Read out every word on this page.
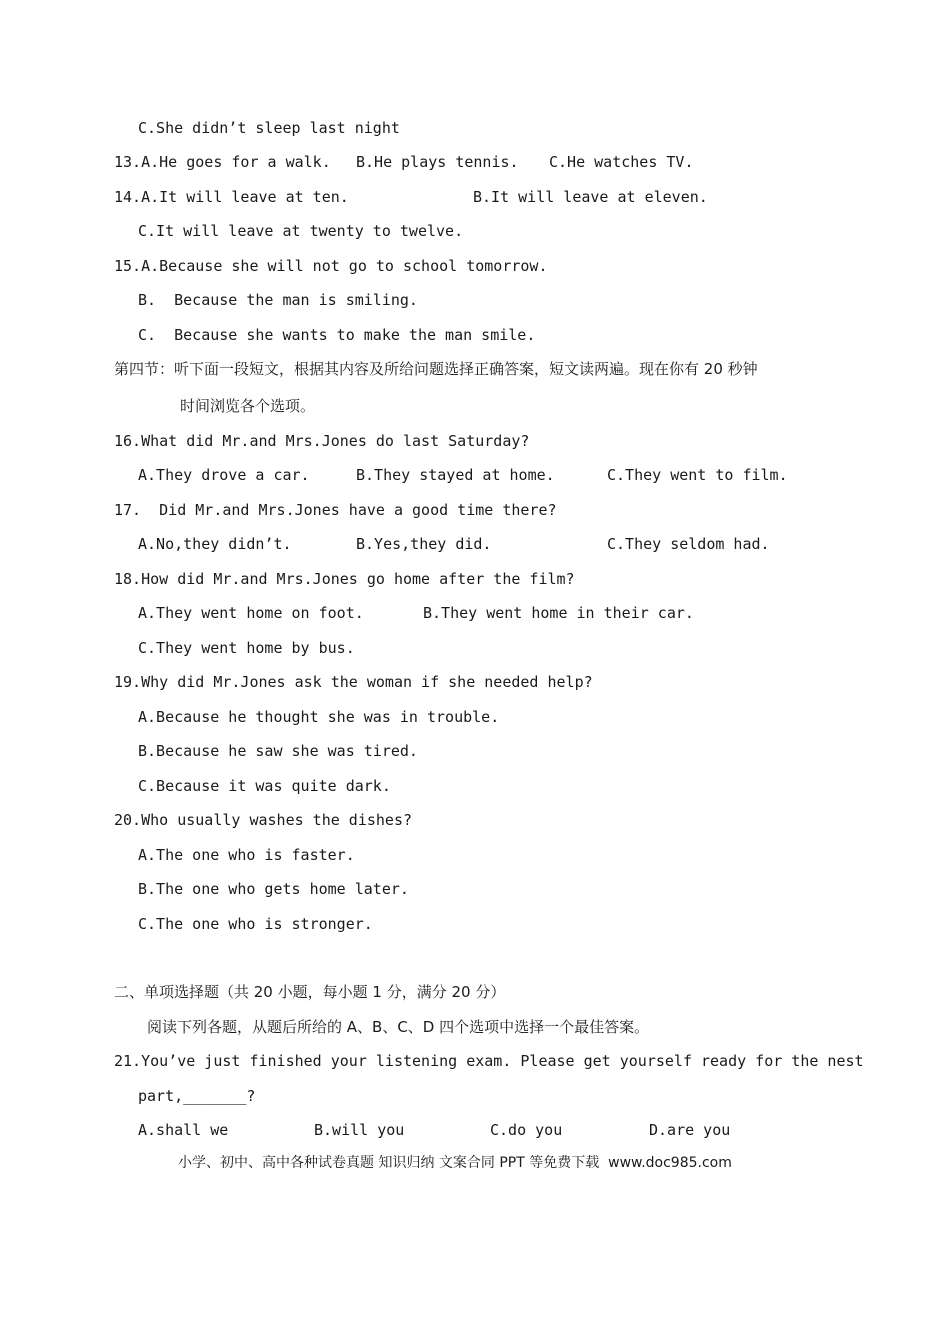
C.She didn’t sleep last night
13.A.He goes for a walk. B.He plays tennis. C.He watches TV.
14.A.It will leave at ten.	B.It will leave at eleven.
C.It will leave at twenty to twelve.
15.A.Because she will not go to school tomorrow.
B.  Because the man is smiling.
C.  Because she wants to make the man smile.
第四节：听下面一段短文，根据其内容及所给问题选择正确答案，短文读两遍。现在你有 20 秒钟
时间浏览各个选项。
16.What did Mr.and Mrs.Jones do last Saturday?
A.They drove a car.	B.They stayed at home.	C.They went to film.
17.  Did Mr.and Mrs.Jones have a good time there?
A.No,they didn’t.	B.Yes,they did.	C.They seldom had.
18.How did Mr.and Mrs.Jones go home after the film?
A.They went home on foot.	B.They went home in their car.
C.They went home by bus.
19.Why did Mr.Jones ask the woman if she needed help?
A.Because he thought she was in trouble.
B.Because he saw she was tired.
C.Because it was quite dark.
20.Who usually washes the dishes?
A.The one who is faster.
B.The one who gets home later.
C.The one who is stronger.
二、单项选择题（共 20 小题，每小题 1 分，满分 20 分）
阅读下列各题，从题后所给的 A、B、C、D 四个选项中选择一个最佳答案。
21.You’ve just finished your listening exam. Please get yourself ready for the nest
part,_______?
A.shall we	B.will you	C.do you	D.are you
小学、初中、高中各种试卷真题 知识归纳 文案合同 PPT 等免费下载  www.doc985.com
